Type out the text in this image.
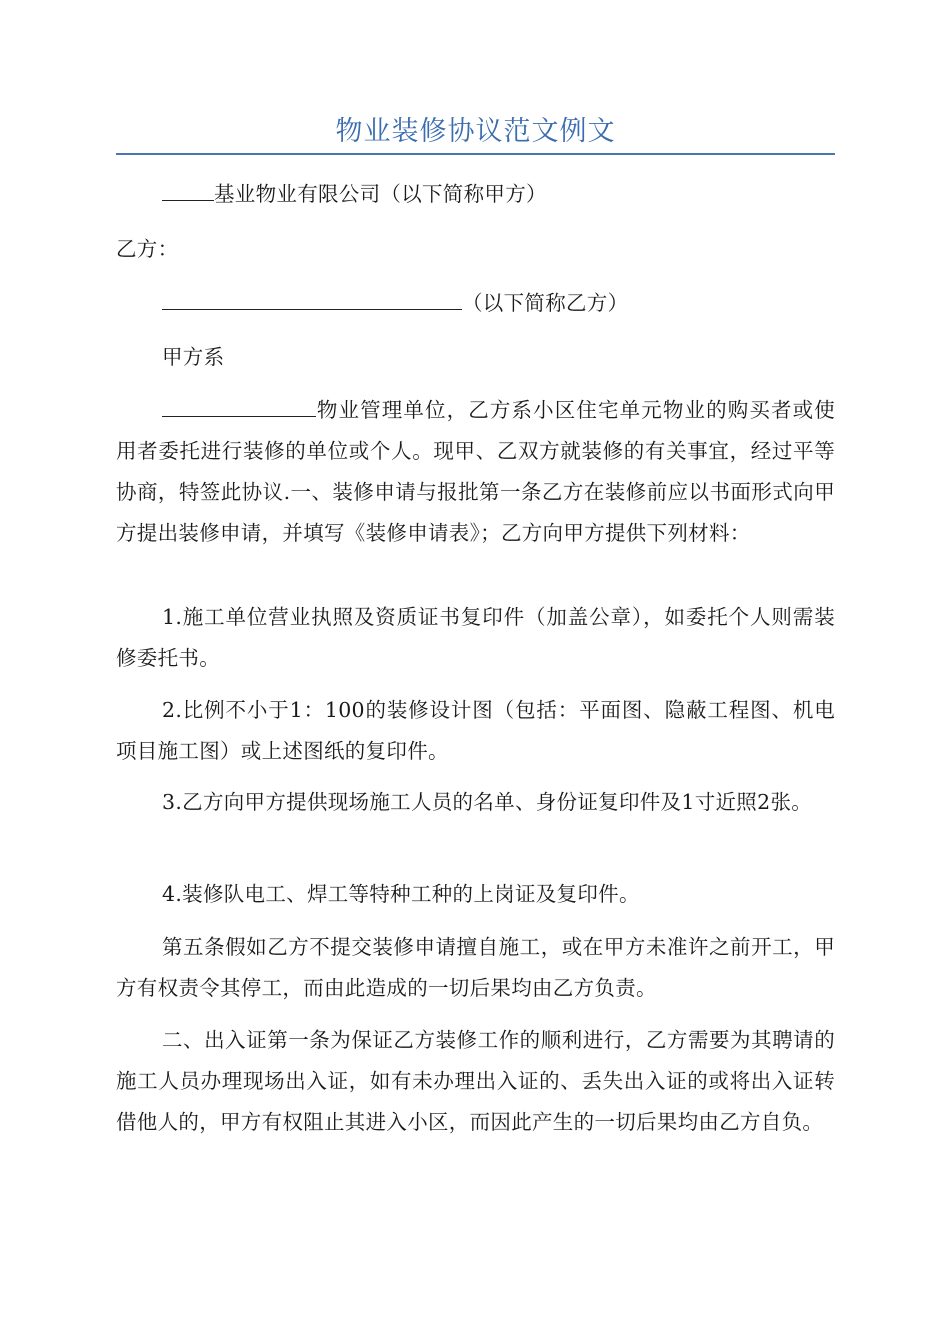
物业装修协议范文例文

基业物业有限公司（以下简称甲方）

乙方：

（以下简称乙方）

甲方系

物业管理单位，乙方系小区住宅单元物业的购买者或使用者委托进行装修的单位或个人。现甲、乙双方就装修的有关事宜，经过平等协商，特签此协议.一、装修申请与报批第一条乙方在装修前应以书面形式向甲方提出装修申请，并填写《装修申请表》；乙方向甲方提供下列材料：

1.施工单位营业执照及资质证书复印件（加盖公章），如委托个人则需装修委托书。

2.比例不小于1：100的装修设计图（包括：平面图、隐蔽工程图、机电项目施工图）或上述图纸的复印件。

3.乙方向甲方提供现场施工人员的名单、身份证复印件及1寸近照2张。

4.装修队电工、焊工等特种工种的上岗证及复印件。

第五条假如乙方不提交装修申请擅自施工，或在甲方未准许之前开工，甲方有权责令其停工，而由此造成的一切后果均由乙方负责。

二、出入证第一条为保证乙方装修工作的顺利进行，乙方需要为其聘请的施工人员办理现场出入证，如有未办理出入证的、丢失出入证的或将出入证转借他人的，甲方有权阻止其进入小区，而因此产生的一切后果均由乙方自负。
